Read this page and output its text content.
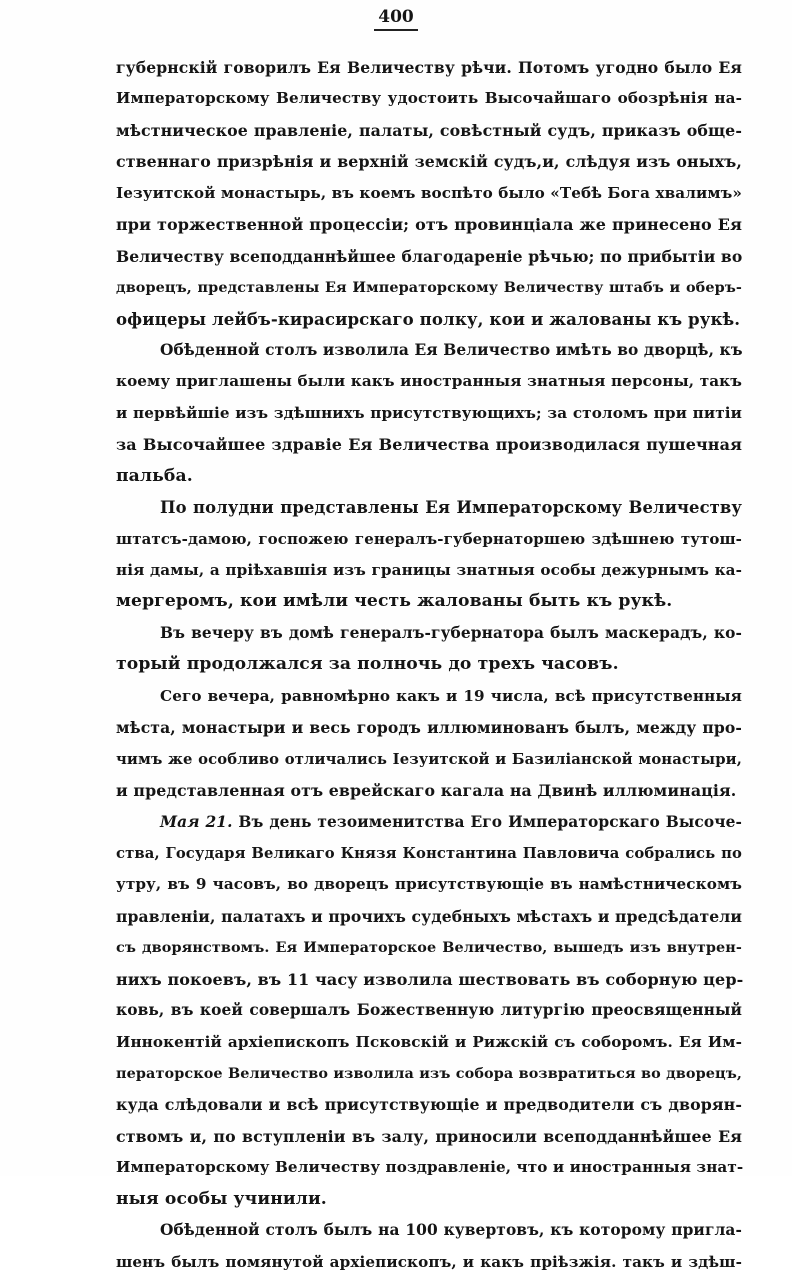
400
губернскій говорилъ Ея Величеству рѣчи. Потомъ угодно было Ея
Императорскому Величеству удостоить Высочайшаго обозрѣнія на-
мѣстническое правленіе, палаты, совѣстный судъ, приказъ обще-
ственнаго призрѣнія и верхній земскій судъ,и, слѣдуя изъ оныхъ,
Іезуитской монастырь, въ коемъ воспѣто было «Тебѣ Бога хвалимъ»
при торжественной процессіи; отъ провинціала же принесено Ея
Величеству всеподданнѣйшее благодареніе рѣчью; по прибытіи во
дворецъ, представлены Ея Императорскому Величеству штабъ и оберъ-
офицеры лейбъ-кирасирскаго полку, кои и жалованы къ рукѣ.
Обѣденной столъ изволила Ея Величество имѣть во дворцѣ, къ
коему приглашены были какъ иностранныя знатныя персоны, такъ
и первѣйшіе изъ здѣшнихъ присутствующихъ; за столомъ при питіи
за Высочайшее здравіе Ея Величества производилася пушечная
пальба.
По полудни представлены Ея Императорскому Величеству
штатсъ-дамою, госпожею генералъ-губернаторшею здѣшнею тутош-
нія дамы, а пріѣхавшія изъ границы знатныя особы дежурнымъ ка-
мергеромъ, кои имѣли честь жалованы быть къ рукѣ.
Въ вечеру въ домѣ генералъ-губернатора былъ маскерадъ, ко-
торый продолжался за полночь до трехъ часовъ.
Сего вечера, равномѣрно какъ и 19 числа, всѣ присутственныя
мѣста, монастыри и весь городъ иллюминованъ былъ, между про-
чимъ же особливо отличались Іезуитской и Базиліанской монастыри,
и представленная отъ еврейскаго кагала на Двинѣ иллюминація.
Мая 21. Въ день тезоименитства Его Императорскаго Высоче-
ства, Государя Великаго Князя Константина Павловича собрались по
утру, въ 9 часовъ, во дворецъ присутствующіе въ намѣстническомъ
правленіи, палатахъ и прочихъ судебныхъ мѣстахъ и предсѣдатели
съ дворянствомъ. Ея Императорское Величество, вышедъ изъ внутрен-
нихъ покоевъ, въ 11 часу изволила шествовать въ соборную цер-
ковь, въ коей совершалъ Божественную литургію преосвященный
Иннокентій архіепископъ Псковскій и Рижскій съ соборомъ. Ея Им-
ператорское Величество изволила изъ собора возвратиться во дворецъ,
куда слѣдовали и всѣ присутствующіе и предводители съ дворян-
ствомъ и, по вступленіи въ залу, приносили всеподданнѣйшее Ея
Императорскому Величеству поздравленіе, что и иностранныя знат-
ныя особы учинили.
Обѣденной столъ былъ на 100 кувертовъ, къ которому пригла-
шенъ былъ помянутой архіепископъ, и какъ пріѣзжія. такъ и здѣш-
